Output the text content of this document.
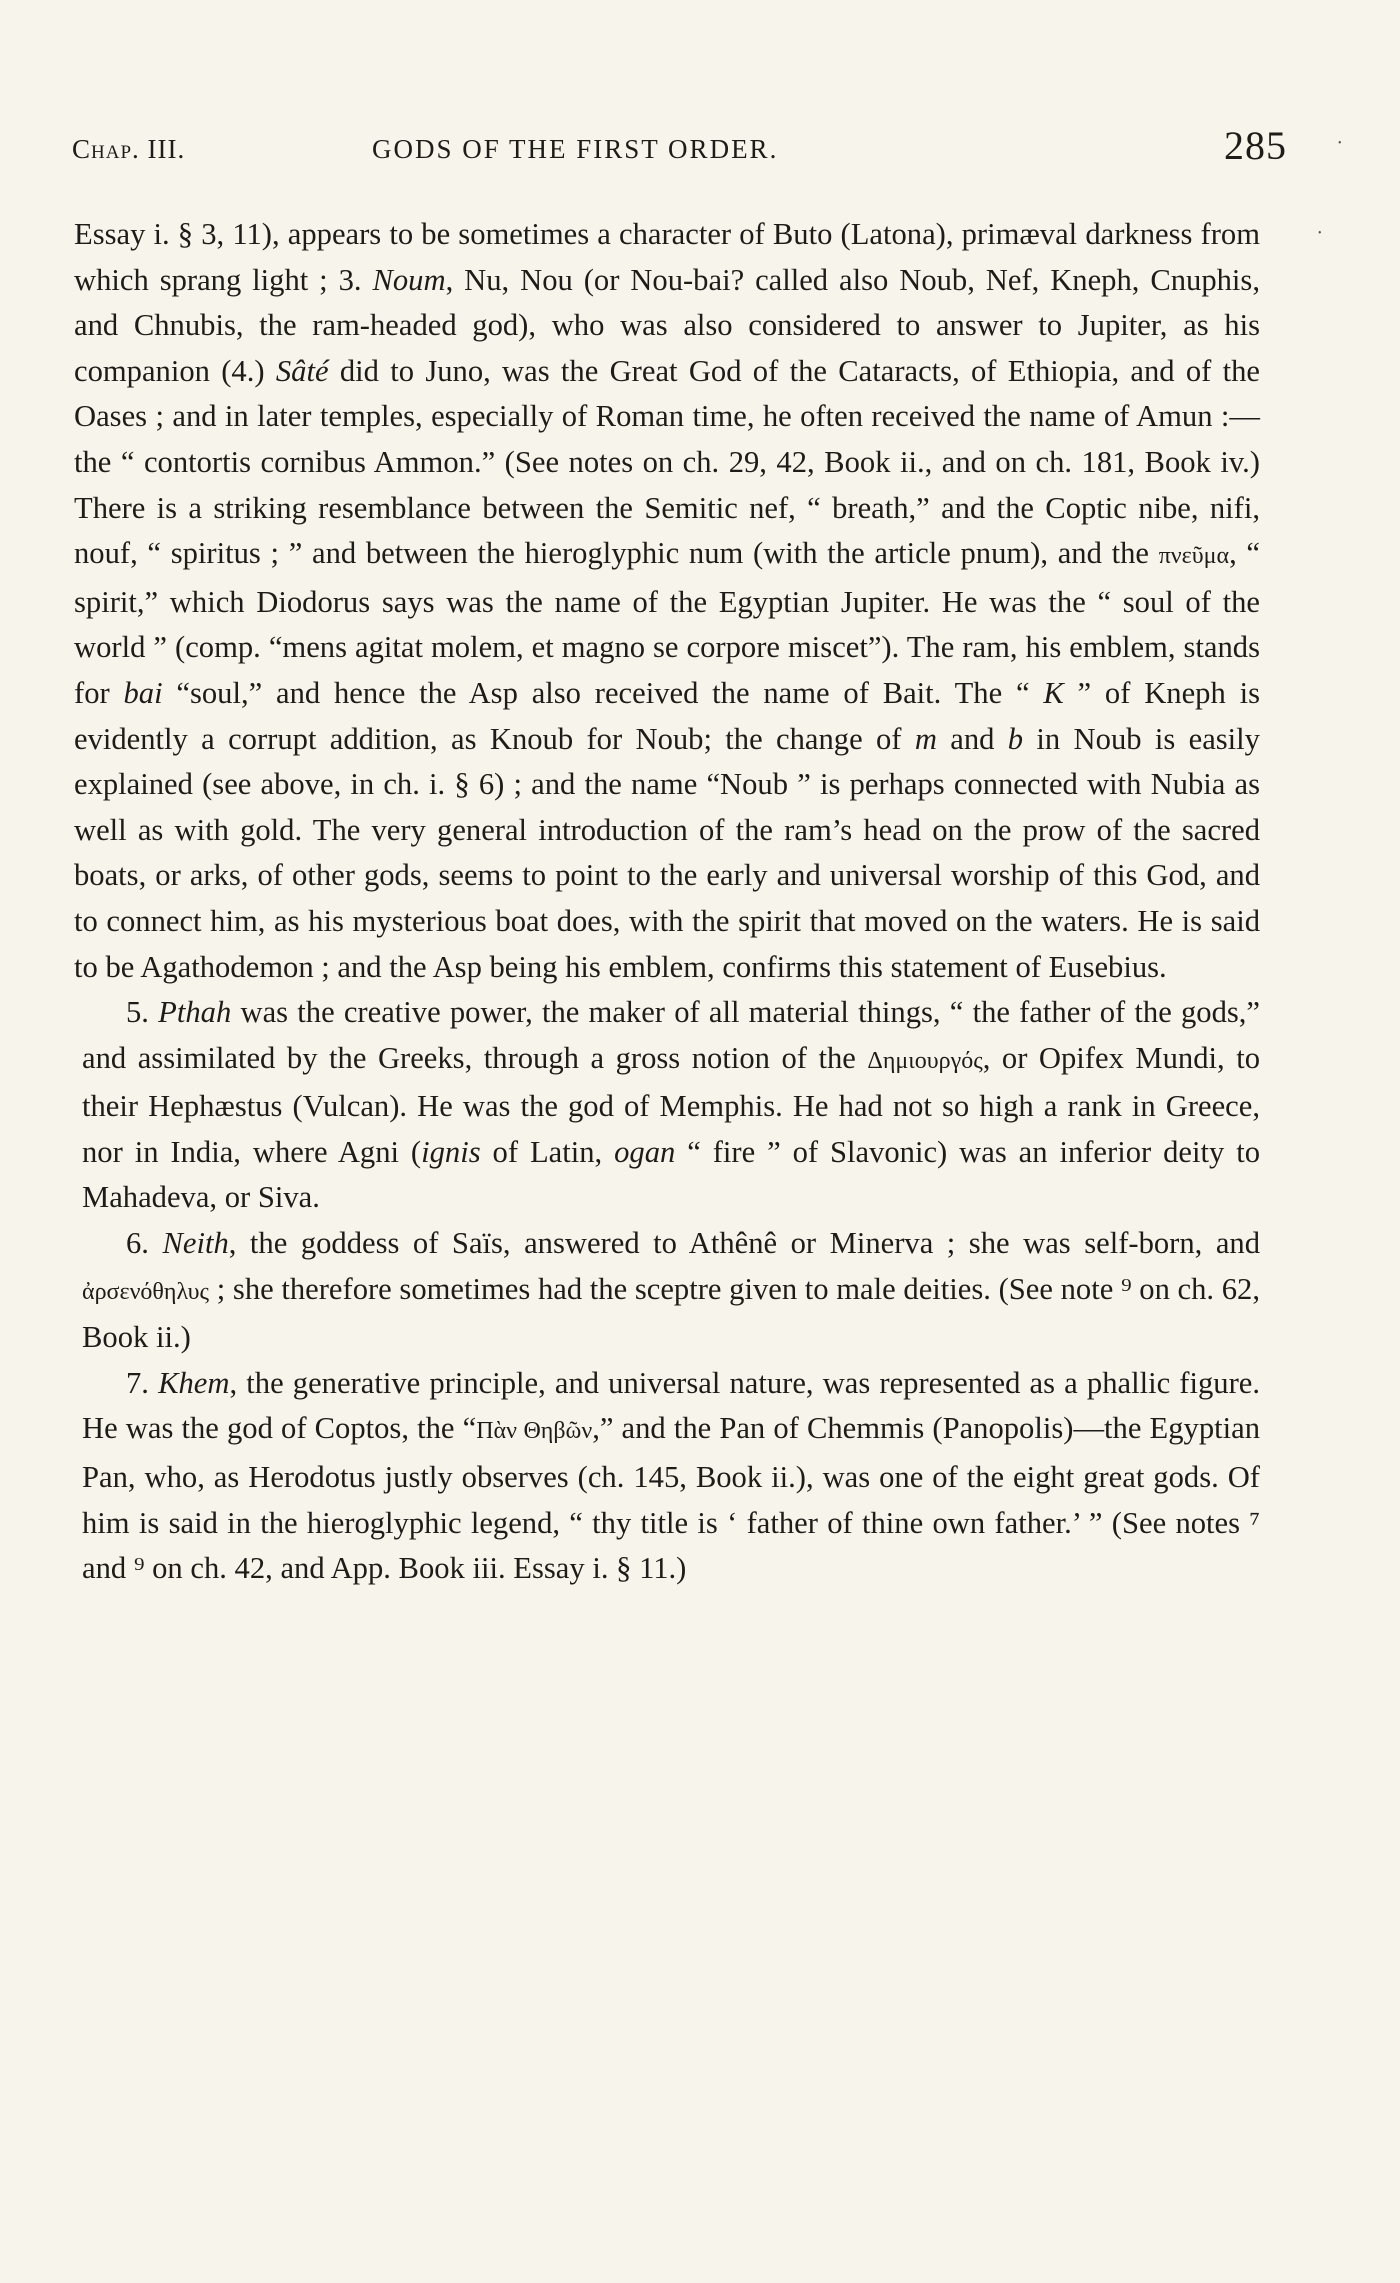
Chap. III.	GODS OF THE FIRST ORDER.	285	•
•

Essay i. § 3, 11), appears to be sometimes a character of Buto (Latona), primæval darkness from which sprang light ; 3. Noum, Nu, Nou (or Nou-bai? called also Noub, Nef, Kneph, Cnuphis, and Chnubis, the ram-headed god), who was also considered to answer to Jupiter, as his companion (4.) Sâté did to Juno, was the Great God of the Cataracts, of Ethiopia, and of the Oases ; and in later temples, especially of Roman time, he often received the name of Amun :—the “ contortis cornibus Ammon.” (See notes on ch. 29, 42, Book ii., and on ch. 181, Book iv.) There is a striking resemblance between the Semitic nef, “ breath,” and the Coptic nibe, nifi, nouf, “ spiritus ; ” and between the hieroglyphic num (with the article pnum), and the πνεῦμα, “ spirit,” which Diodorus says was the name of the Egyptian Jupiter. He was the “ soul of the world ” (comp. “mens agitat molem, et magno se corpore miscet”). The ram, his emblem, stands for bai “soul,” and hence the Asp also received the name of Bait. The “ K ” of Kneph is evidently a corrupt addition, as Knoub for Noub; the change of m and b in Noub is easily explained (see above, in ch. i. § 6) ; and the name “Noub ” is perhaps connected with Nubia as well as with gold. The very general introduction of the ram’s head on the prow of the sacred boats, or arks, of other gods, seems to point to the early and universal worship of this God, and to connect him, as his mysterious boat does, with the spirit that moved on the waters. He is said to be Agathodemon ; and the Asp being his emblem, confirms this statement of Eusebius.

5. Pthah was the creative power, the maker of all material things, “ the father of the gods,” and assimilated by the Greeks, through a gross notion of the Δημιουργός, or Opifex Mundi, to their Hephæstus (Vulcan). He was the god of Memphis. He had not so high a rank in Greece, nor in India, where Agni (ignis of Latin, ogan “ fire ” of Slavonic) was an inferior deity to Mahadeva, or Siva.

6. Neith, the goddess of Saïs, answered to Athênê or Minerva ; she was self-born, and ἀρσενόθηλυς ; she therefore sometimes had the sceptre given to male deities. (See note ⁹ on ch. 62, Book ii.)

7. Khem, the generative principle, and universal nature, was represented as a phallic figure. He was the god of Coptos, the “Πὰν Θηβῶν,” and the Pan of Chemmis (Panopolis)—the Egyptian Pan, who, as Herodotus justly observes (ch. 145, Book ii.), was one of the eight great gods. Of him is said in the hieroglyphic legend, “ thy title is ‘ father of thine own father.’ ” (See notes ⁷ and ⁹ on ch. 42, and App. Book iii. Essay i. § 11.)
